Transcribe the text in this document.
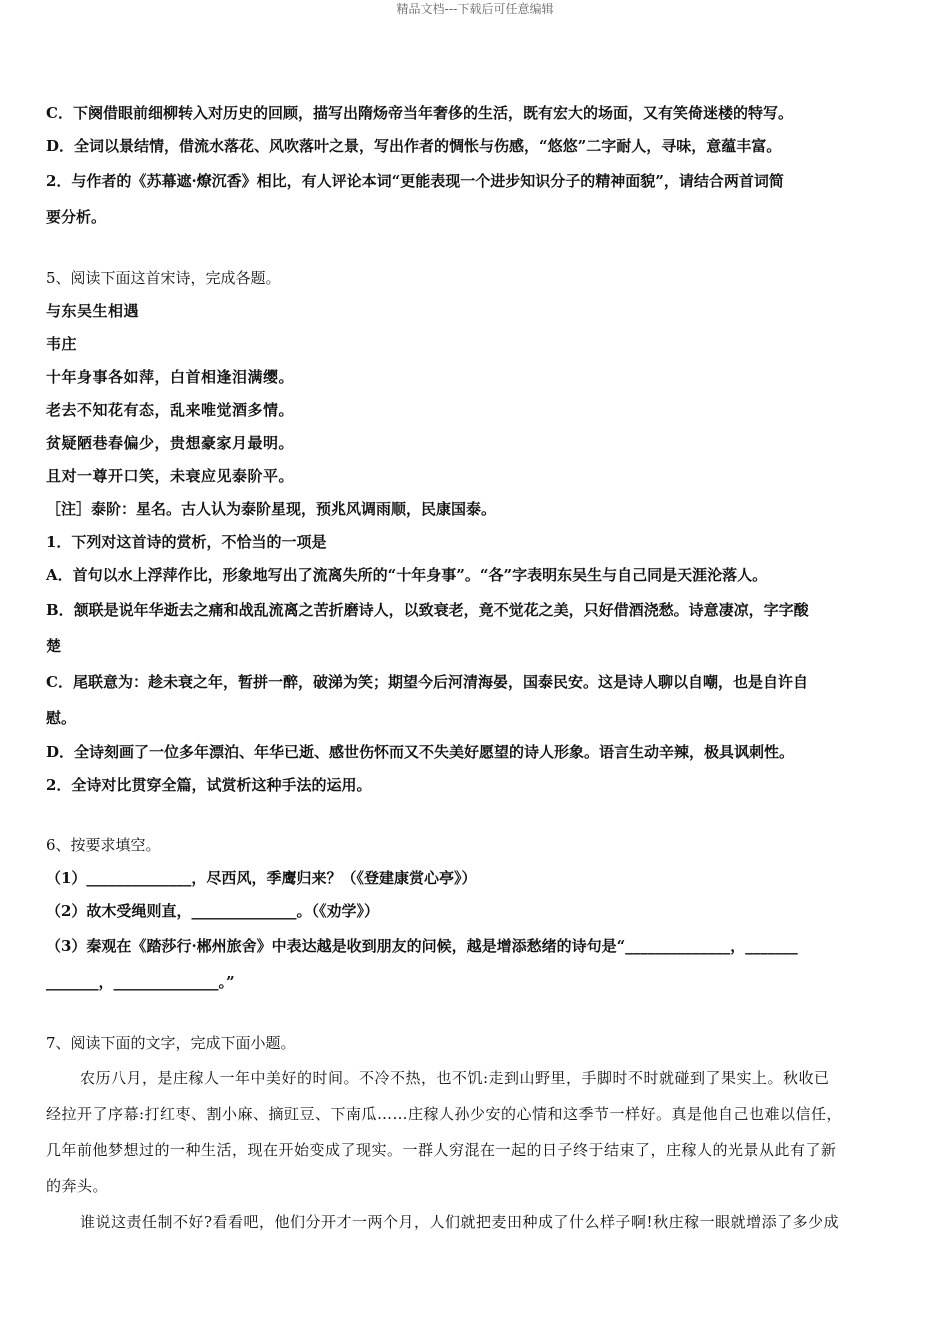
精品文档---下载后可任意编辑
C．下阕借眼前细柳转入对历史的回顾，描写出隋炀帝当年奢侈的生活，既有宏大的场面，又有笑倚迷楼的特写。
D．全词以景结情，借流水落花、风吹落叶之景，写出作者的惆怅与伤感，“悠悠”二字耐人，寻味，意蕴丰富。
2．与作者的《苏幕遮·燎沉香》相比，有人评论本词“更能表现一个进步知识分子的精神面貌”，请结合两首词简
要分析。
5、阅读下面这首宋诗，完成各题。
与东吴生相遇
韦庄
十年身事各如萍，白首相逢泪满缨。
老去不知花有态，乱来唯觉酒多情。
贫疑陋巷春偏少，贵想豪家月最明。
且对一尊开口笑，未衰应见泰阶平。
［注］泰阶：星名。古人认为泰阶星现，预兆风调雨顺，民康国泰。
1．下列对这首诗的赏析，不恰当的一项是
A．首句以水上浮萍作比，形象地写出了流离失所的“十年身事”。“各”字表明东吴生与自己同是天涯沦落人。
B．颔联是说年华逝去之痛和战乱流离之苦折磨诗人，以致衰老，竟不觉花之美，只好借酒浇愁。诗意凄凉，字字酸
楚
C．尾联意为：趁未衰之年，暂拼一醉，破涕为笑；期望今后河清海晏，国泰民安。这是诗人聊以自嘲，也是自许自
慰。
D．全诗刻画了一位多年漂泊、年华已逝、感世伤怀而又不失美好愿望的诗人形象。语言生动辛辣，极具讽刺性。
2．全诗对比贯穿全篇，试赏析这种手法的运用。
6、按要求填空。
（1）______________，尽西风，季鹰归来？（《登建康赏心亭》）
（2）故木受绳则直，______________。（《劝学》）
（3）秦观在《踏莎行·郴州旅舍》中表达越是收到朋友的问候，越是增添愁绪的诗句是“______________，_______
_______，______________。”
7、阅读下面的文字，完成下面小题。
农历八月，是庄稼人一年中美好的时间。不冷不热，也不饥:走到山野里，手脚时不时就碰到了果实上。秋收已
经拉开了序幕:打红枣、割小麻、摘豇豆、下南瓜……庄稼人孙少安的心情和这季节一样好。真是他自己也难以信任，
几年前他梦想过的一种生活，现在开始变成了现实。一群人穷混在一起的日子终于结束了，庄稼人的光景从此有了新
的奔头。
谁说这责任制不好?看看吧，他们分开才一两个月，人们就把麦田种成了什么样子啊!秋庄稼一眼就增添了多少成
